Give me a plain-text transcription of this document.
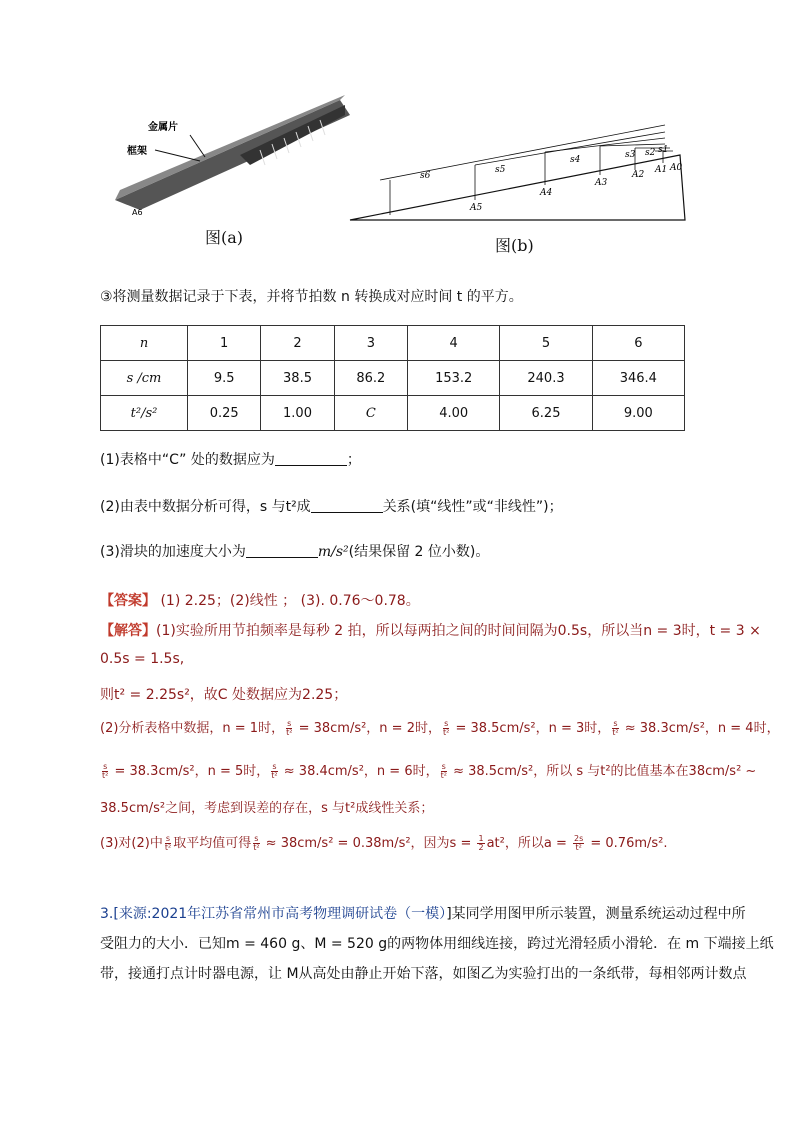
金属片
框架
A6
图(a)
s6
s5
s4	s3 s2 s1
A5
A4
A3
A2 A1 A0
图(b)
③将测量数据记录于下表，并将节拍数 n 转换成对应时间 t 的平方。
n	1	2	3	4	5	6
s /cm	9.5	38.5	86.2	153.2	240.3	346.4
t²/s²	0.25	1.00	C	4.00	6.25	9.00
(1)表格中“C” 处的数据应为	；
(2)由表中数据分析可得，s 与t²成	关系(填“线性”或“非线性”)；
(3)滑块的加速度大小为	m/s²(结果保留 2 位小数)。
【答案】 (1) 2.25；(2)线性 ； (3). 0.76～0.78。
【解答】(1)实验所用节拍频率是每秒 2 拍，所以每两拍之间的时间间隔为0.5s，所以当n = 3时，t = 3 ×
0.5s = 1.5s,
则t² = 2.25s²，故C 处数据应为2.25；
(2)分析表格中数据，n = 1时， $\frac{s}{\text{t²}} = 38cm/s^2$，n = 2时， $\frac{s}{\text{t²}} = 38.5cm/s^2$，n = 3时， $\frac{s}{\text{t²}} \approx 38.3cm/s^2$，n = 4时，
$\frac{s}{\text{t²}} = 38.3cm/s^2$，n = 5时， $\frac{s}{\text{t²}} \approx 38.4cm/s^2$，n = 6时， $\frac{s}{\text{t²}} \approx 38.5cm/s^2$，所以 s 与t²的比值基本在38cm/s² ~
38.5cm/s²之间，考虑到误差的存在，s 与t²成线性关系；
(3)对(2)中 $\frac{s}{\text{t²}}$ 取平均值可得 $\frac{s}{\text{t²}} \approx 38cm/s^2 = 0.38m/s^2$，因为$s = \frac{1}{2} at^2$，所以$a = \frac{2s}{\text{t²}} = 0.76m/s^2$.
3.[来源:2021年江苏省常州市高考物理调研试卷（一模）]某同学用图甲所示装置，测量系统运动过程中所
受阻力的大小．已知m = 460 g、M = 520 g的两物体用细线连接，跨过光滑轻质小滑轮．在 m 下端接上纸
带，接通打点计时器电源，让 M从高处由静止开始下落，如图乙为实验打出的一条纸带，每相邻两计数点
